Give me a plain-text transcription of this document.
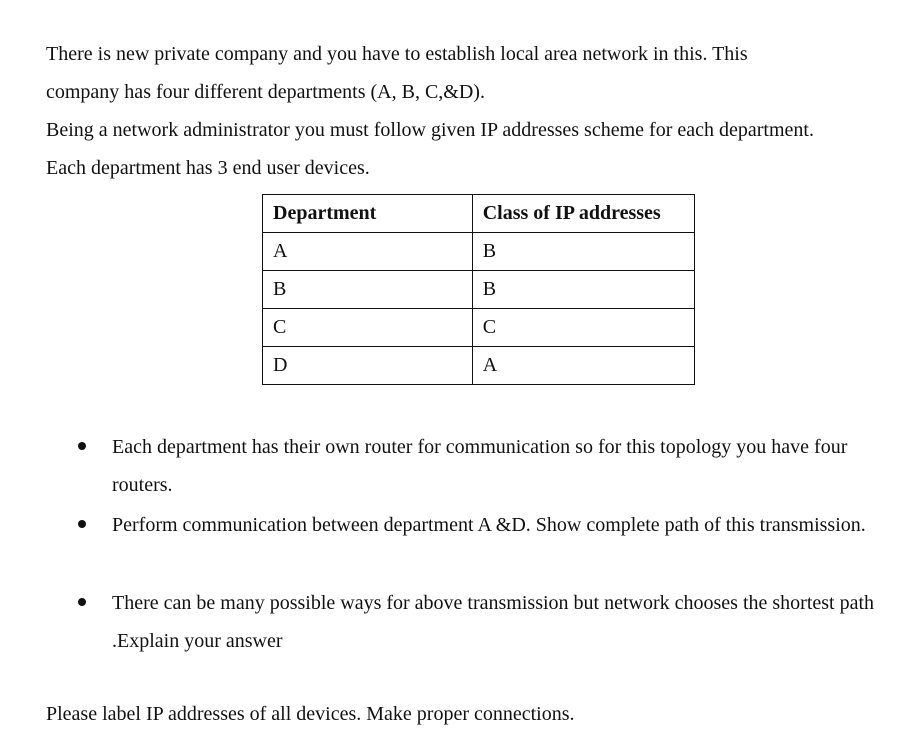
There is new private company and you have to establish local area network in this. This
company has four different departments (A, B, C,&D).
Being a network administrator you must follow given IP addresses scheme for each department.
Each department has 3 end user devices.
Department	Class of IP addresses
A	B
B	B
C	C
D	A
Each department has their own router for communication so for this topology you have four routers.
Perform communication between department A &D. Show complete path of this transmission.
There can be many possible ways for above transmission but network chooses the shortest path .Explain your answer
Please label IP addresses of all devices. Make proper connections.
